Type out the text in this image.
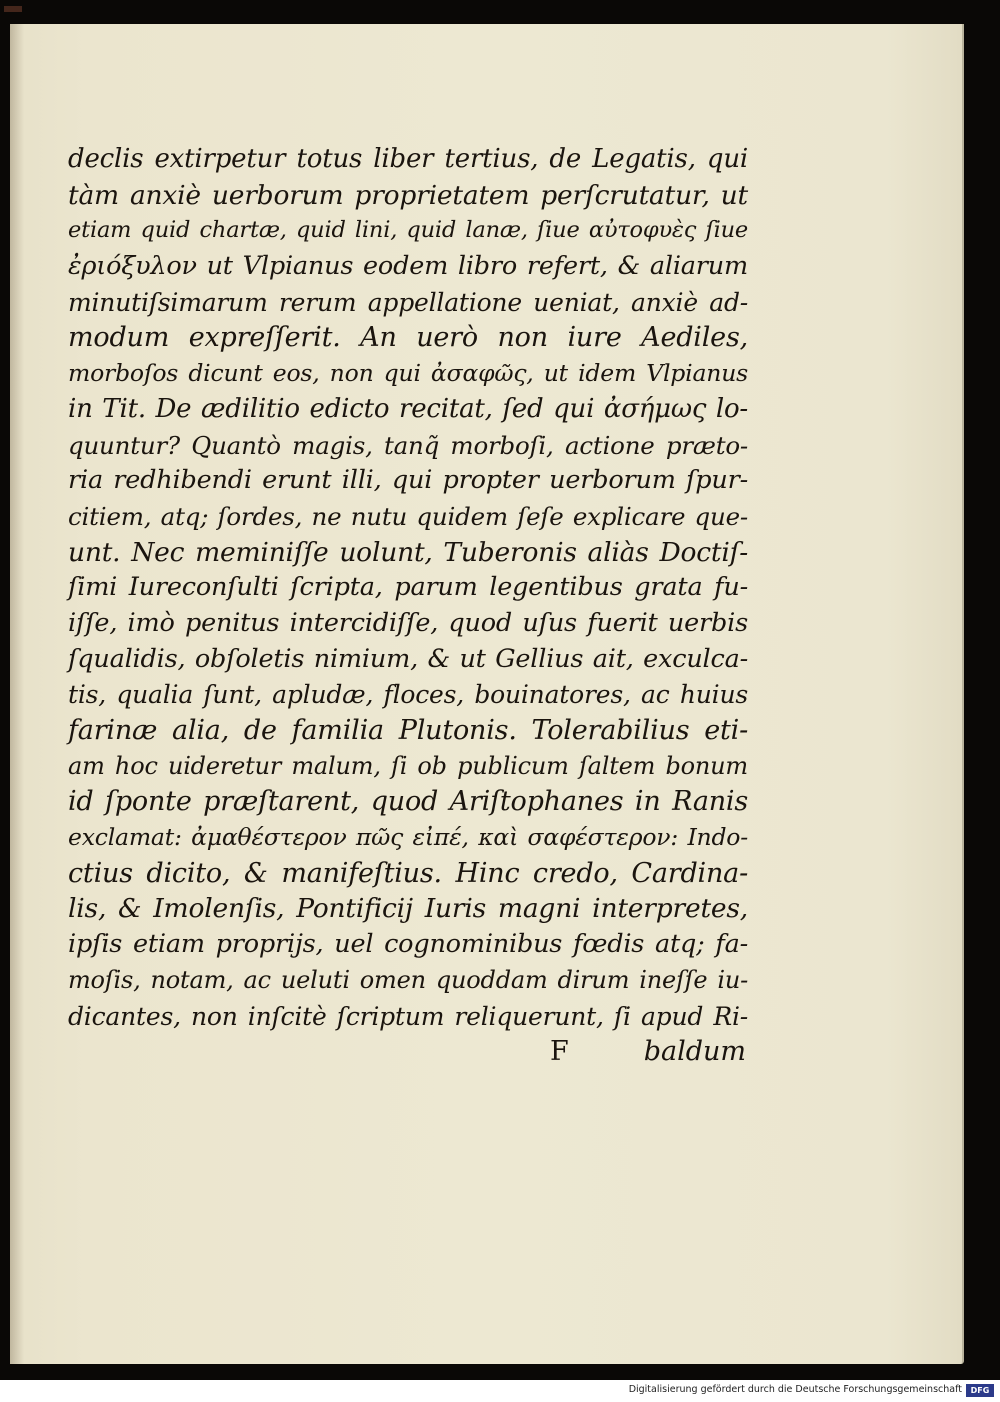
declis extirpetur totus liber tertius, de Legatis, qui
tàm anxiè uerborum proprietatem perſcrutatur, ut
etiam quid chartæ, quid lini, quid lanæ, ſiue αὐτοφυὲς ſiue
ἐριόξυλον ut Vlpianus eodem libro refert, & aliarum
minutiſsimarum rerum appellatione ueniat, anxiè ad-
modum expreſſerit. An uerò non iure Aediles,
morboſos dicunt eos, non qui ἀσαφῶς, ut idem Vlpianus
in Tit. De ædilitio edicto recitat, ſed qui ἀσήμως lo-
quuntur? Quantò magis, tanq̃ morboſi, actione præto-
ria redhibendi erunt illi, qui propter uerborum ſpur-
citiem, atq; ſordes, ne nutu quidem ſeſe explicare que-
unt. Nec meminiſſe uolunt, Tuberonis aliàs Doctiſ-
ſimi Iureconſulti ſcripta, parum legentibus grata fu-
iſſe, imò penitus intercidiſſe, quod uſus fuerit uerbis
ſqualidis, obſoletis nimium, & ut Gellius ait, exculca-
tis, qualia ſunt, apludæ, floces, bouinatores, ac huius
farinæ alia, de familia Plutonis. Tolerabilius eti-
am hoc uideretur malum, ſi ob publicum ſaltem bonum
id ſponte præſtarent, quod Ariſtophanes in Ranis
exclamat: ἀμαθέστερον πῶς εἰπέ, καὶ σαφέστερον: Indo-
ctius dicito, & manifeſtius. Hinc credo, Cardina-
lis, & Imolenſis, Pontificij Iuris magni interpretes,
ipſis etiam proprijs, uel cognominibus fœdis atq; fa-
moſis, notam, ac ueluti omen quoddam dirum ineſſe iu-
dicantes, non inſcitè ſcriptum reliquerunt, ſi apud Ri-
F	baldum
Digitalisierung gefördert durch die Deutsche Forschungsgemeinschaft	DFG
